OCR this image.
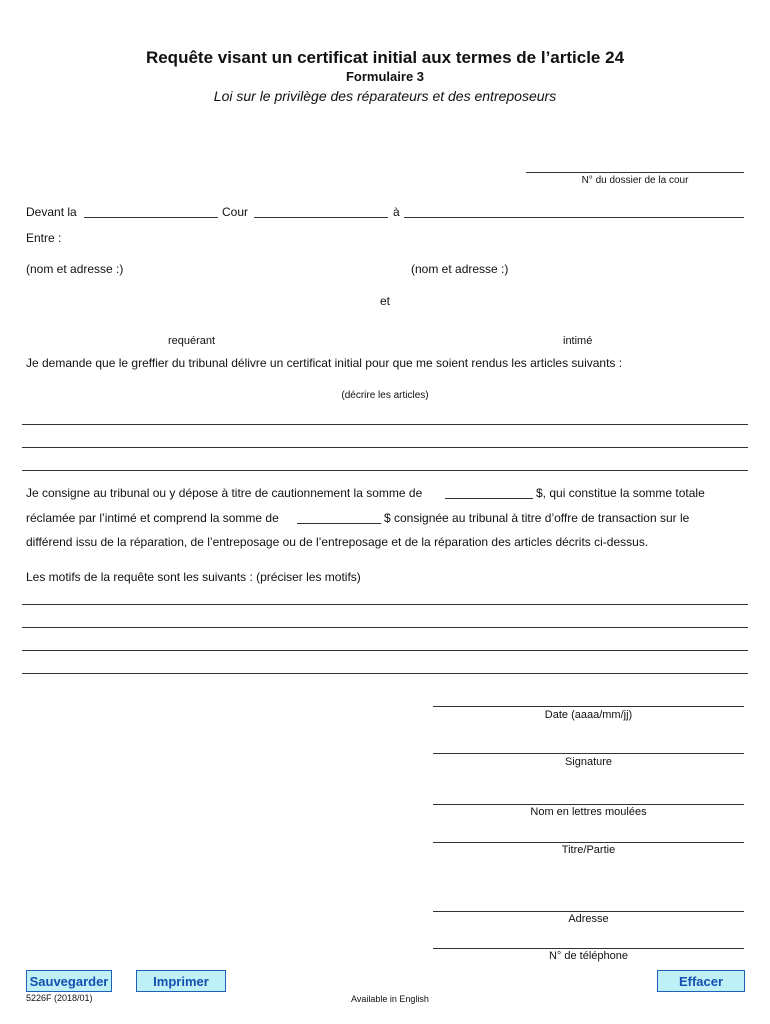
Requête visant un certificat initial aux termes de l’article 24
Formulaire 3
Loi sur le privilège des réparateurs et des entreposeurs
N° du dossier de la cour
Devant la	Cour	à
Entre :
(nom et adresse :)	(nom et adresse :)
et
requérant	intimé
Je demande que le greffier du tribunal délivre un certificat initial pour que me soient rendus les articles suivants :
(décrire les articles)
Je consigne au tribunal ou y dépose à titre de cautionnement la somme de	$, qui constitue la somme totale
réclamée par l’intimé et comprend la somme de	$ consignée au tribunal à titre d’offre de transaction sur le
différend issu de la réparation, de l’entreposage ou de l’entreposage et de la réparation des articles décrits ci-dessus.
Les motifs de la requête sont les suivants : (préciser les motifs)
Date (aaaa/mm/jj)
Signature
Nom en lettres moulées
Titre/Partie
Adresse
N° de téléphone
Sauvegarder	Imprimer	Effacer
5226F (2018/01)	Available in English
